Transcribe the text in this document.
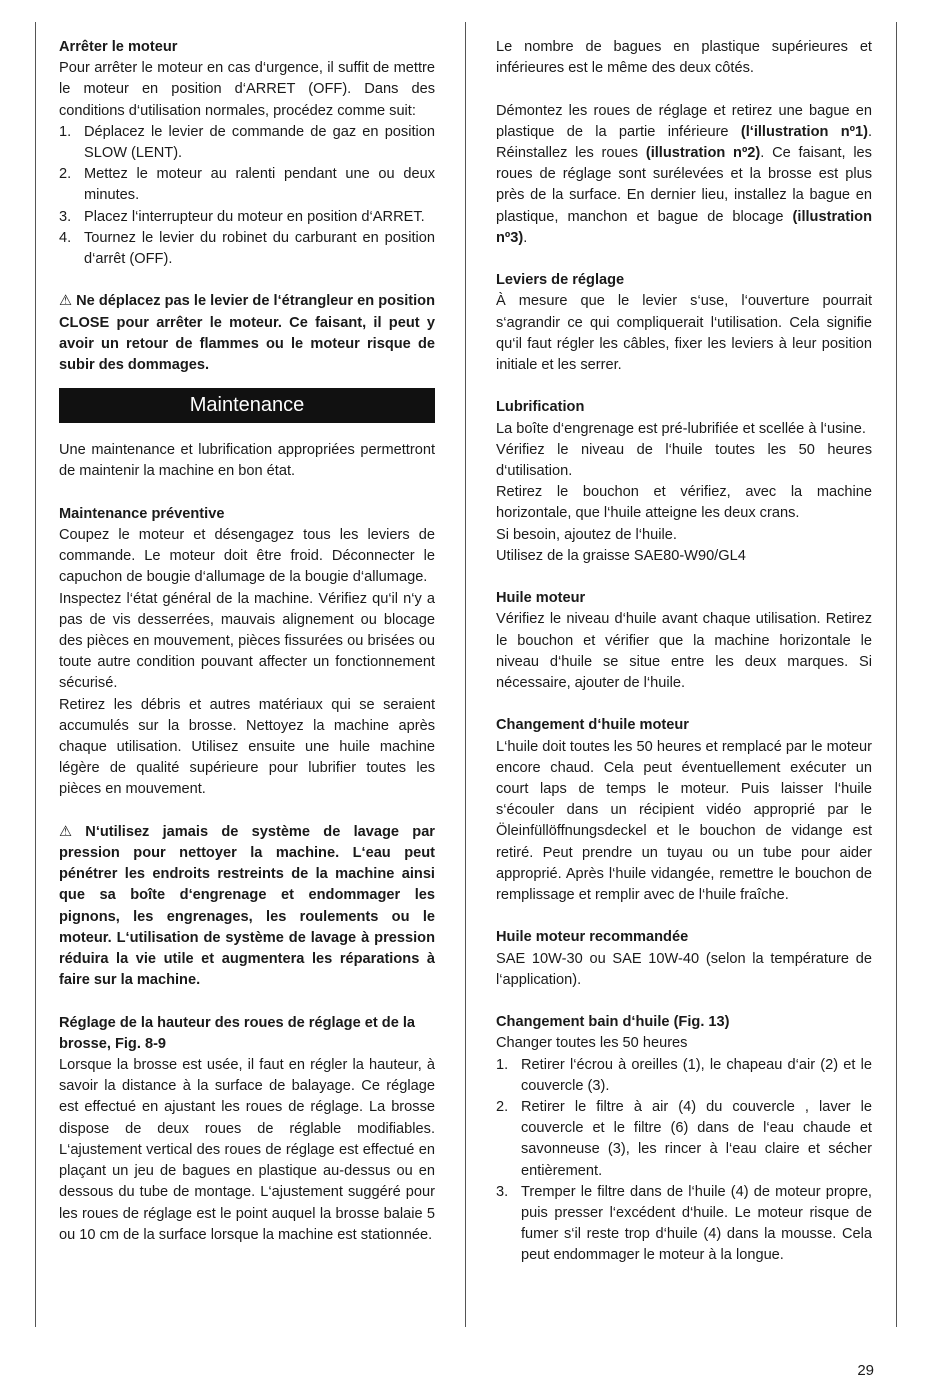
Arrêter le moteur

Pour arrêter le moteur en cas d‘urgence, il suffit de mettre le moteur en position d‘ARRET (OFF). Dans des conditions d‘utilisation normales, procédez comme suit:

1. Déplacez le levier de commande de gaz en position SLOW (LENT).
2. Mettez le moteur au ralenti pendant une ou deux minutes.
3. Placez l‘interrupteur du moteur en position d‘ARRET.
4. Tournez le levier du robinet du carburant en position d‘arrêt (OFF).

⚠ Ne déplacez pas le levier de l‘étrangleur en position CLOSE pour arrêter le moteur. Ce faisant, il peut y avoir un retour de flammes ou le moteur risque de subir des dommages.

Maintenance

Une maintenance et lubrification appropriées permettront de maintenir la machine en bon état.

Maintenance préventive

Coupez le moteur et désengagez tous les leviers de commande. Le moteur doit être froid. Déconnecter le capuchon de bougie d‘allumage de la bougie d‘allumage.

Inspectez l‘état général de la machine. Vérifiez qu‘il n‘y a pas de vis desserrées, mauvais alignement ou blocage des pièces en mouvement, pièces fissurées ou brisées ou toute autre condition pouvant affecter un fonctionnement sécurisé.

Retirez les débris et autres matériaux qui se seraient accumulés sur la brosse. Nettoyez la machine après chaque utilisation. Utilisez ensuite une huile machine légère de qualité supérieure pour lubrifier toutes les pièces en mouvement.

⚠ N‘utilisez jamais de système de lavage par pression pour nettoyer la machine. L‘eau peut pénétrer les endroits restreints de la machine ainsi que sa boîte d‘engrenage et endommager les pignons, les engrenages, les roulements ou le moteur. L‘utilisation de système de lavage à pression réduira la vie utile et augmentera les réparations à faire sur la machine.

Réglage de la hauteur des roues de réglage et de la brosse, Fig. 8-9

Lorsque la brosse est usée, il faut en régler la hauteur, à savoir la distance à la surface de balayage. Ce réglage est effectué en ajustant les roues de réglage. La brosse dispose de deux roues de réglable modifiables. L‘ajustement vertical des roues de réglage est effectué en plaçant un jeu de bagues en plastique au-dessus ou en dessous du tube de montage. L‘ajustement suggéré pour les roues de réglage est le point auquel la brosse balaie 5 ou 10 cm de la surface lorsque la machine est stationnée.

Le nombre de bagues en plastique supérieures et inférieures est le même des deux côtés.

Démontez les roues de réglage et retirez une bague en plastique de la partie inférieure (l‘illustration nº1). Réinstallez les roues (illustration nº2). Ce faisant, les roues de réglage sont surélevées et la brosse est plus près de la surface. En dernier lieu, installez la bague en plastique, manchon et bague de blocage (illustration nº3).

Leviers de réglage

À mesure que le levier s‘use, l‘ouverture pourrait s‘agrandir ce qui compliquerait l‘utilisation. Cela signifie qu‘il faut régler les câbles, fixer les leviers à leur position initiale et les serrer.

Lubrification

La boîte d‘engrenage est pré-lubrifiée et scellée à l‘usine.

Vérifiez le niveau de l‘huile toutes les 50 heures d‘utilisation.

Retirez le bouchon et vérifiez, avec la machine horizontale, que l‘huile atteigne les deux crans.

Si besoin, ajoutez de l‘huile.

Utilisez de la graisse SAE80-W90/GL4

Huile moteur

Vérifiez le niveau d‘huile avant chaque utilisation. Retirez le bouchon et vérifier que la machine horizontale le niveau d‘huile se situe entre les deux marques. Si nécessaire, ajouter de l‘huile.

Changement d‘huile moteur

L‘huile doit toutes les 50 heures et remplacé par le moteur encore chaud. Cela peut éventuellement exécuter un court laps de temps le moteur. Puis laisser l‘huile s‘écouler dans un récipient vidéo approprié par le Öleinfüllöffnungsdeckel et le bouchon de vidange est retiré. Peut prendre un tuyau ou un tube pour aider approprié. Après l‘huile vidangée, remettre le bouchon de remplissage et remplir avec de l‘huile fraîche.

Huile moteur recommandée

SAE 10W-30 ou SAE 10W-40 (selon la température de l‘application).

Changement bain d‘huile (Fig. 13)

Changer toutes les 50 heures

1. Retirer l‘écrou à oreilles (1), le chapeau d‘air (2) et le couvercle (3).
2. Retirer le filtre à air (4) du couvercle , laver le couvercle et le filtre (6) dans de l‘eau chaude et savonneuse (3), les rincer à l‘eau claire et sécher entièrement.
3. Tremper le filtre dans de l‘huile (4) de moteur propre, puis presser l‘excédent d‘huile. Le moteur risque de fumer s‘il reste trop d‘huile (4) dans la mousse. Cela peut endommager le moteur à la longue.
29
